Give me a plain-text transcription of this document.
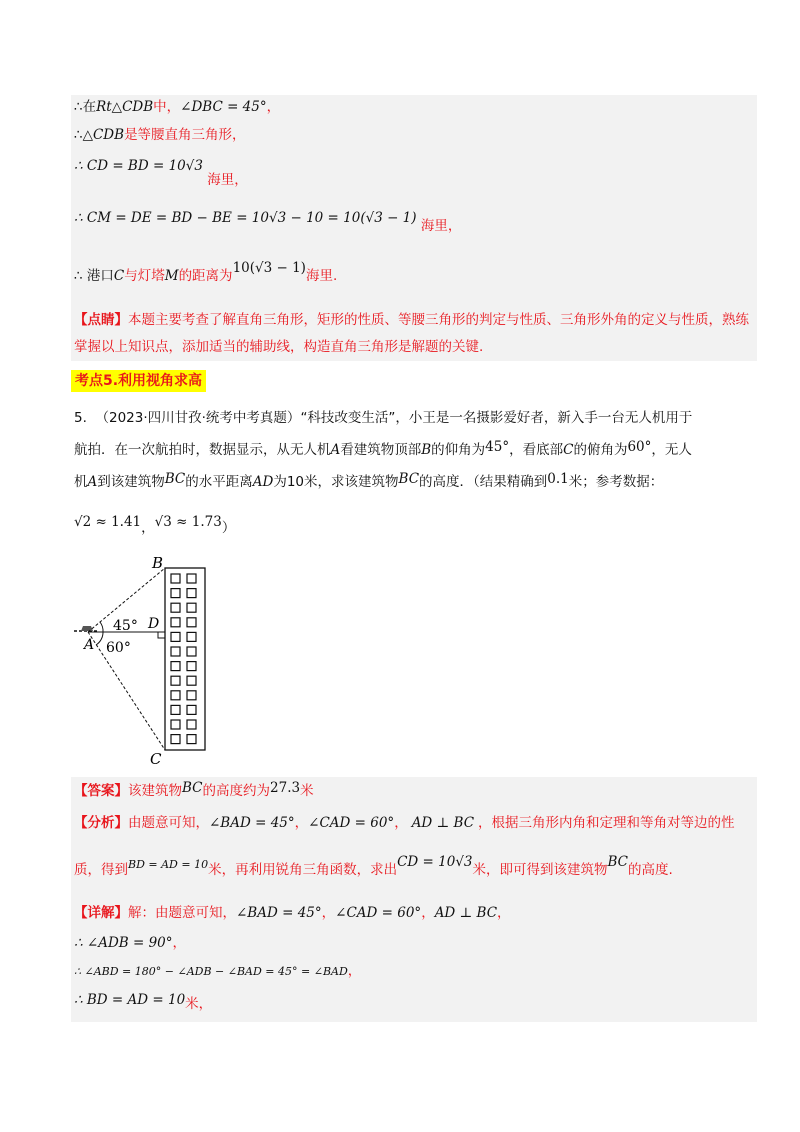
∴在Rt△CDB中，∠DBC = 45°，
∴△CDB是等腰直角三角形，
∴ CD = BD = 10√3 海里，
∴ CM = DE = BD − BE = 10√3 − 10 = 10(√3 − 1) 海里，
∴ 港口C与灯塔M的距离为10(√3 − 1)海里.
【点睛】本题主要考查了解直角三角形，矩形的性质、等腰三角形的判定与性质、三角形外角的定义与性质，熟练掌握以上知识点，添加适当的辅助线，构造直角三角形是解题的关键.
考点5.利用视角求高
5. （2023·四川甘孜·统考中考真题）“科技改变生活”，小王是一名摄影爱好者，新入手一台无人机用于
航拍．在一次航拍时，数据显示，从无人机A看建筑物顶部B的仰角为45°，看底部C的俯角为60°，无人
机A到该建筑物BC的水平距离AD为10米，求该建筑物BC的高度．（结果精确到0.1米；参考数据：
√2 ≈ 1.41，√3 ≈ 1.73）
B
D
A
C
45°
60°
【答案】该建筑物BC的高度约为27.3米
【分析】由题意可知，∠BAD = 45°，∠CAD = 60°， AD ⊥ BC ，根据三角形内角和定理和等角对等边的性
质，得到$^{BD = AD = 10}$米，再利用锐角三角函数，求出CD = 10√3米，即可得到该建筑物BC的高度.
【详解】解：由题意可知，∠BAD = 45°，∠CAD = 60°，AD ⊥ BC，
∴ ∠ADB = 90°，
∴ ∠ABD = 180° − ∠ADB − ∠BAD = 45° = ∠BAD，
∴ BD = AD = 10米，
